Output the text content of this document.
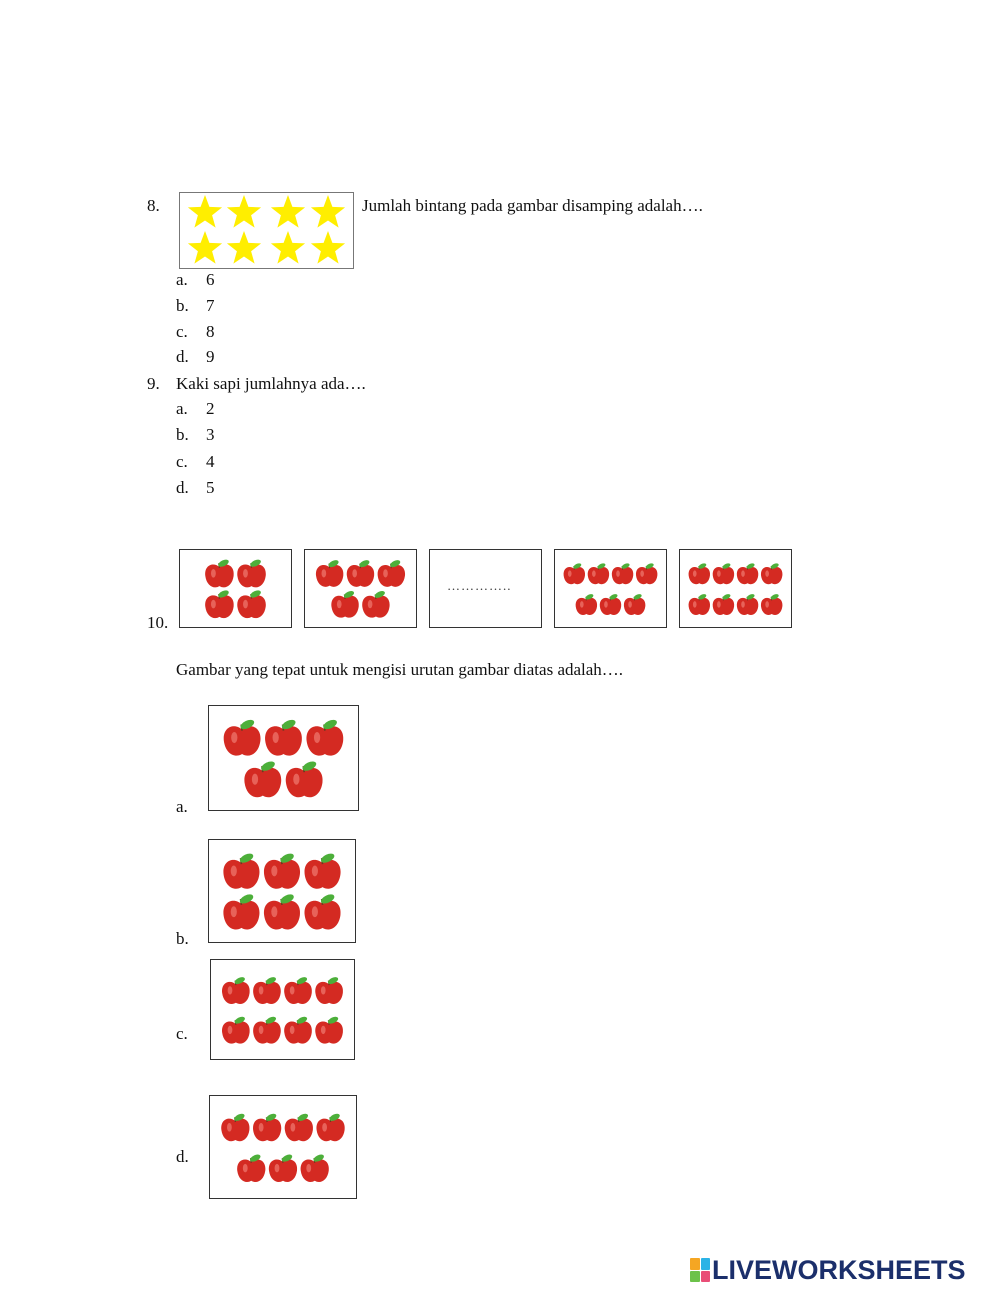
8.	Jumlah bintang pada gambar disamping adalah….
a. 6
b. 7
c. 8
d. 9
9. Kaki sapi jumlahnya ada….
a. 2
b. 3
c. 4
d. 5
10.
…………..
Gambar yang tepat untuk mengisi urutan gambar diatas adalah….
a.
b.
c.
d.
LIVEWORKSHEETS
